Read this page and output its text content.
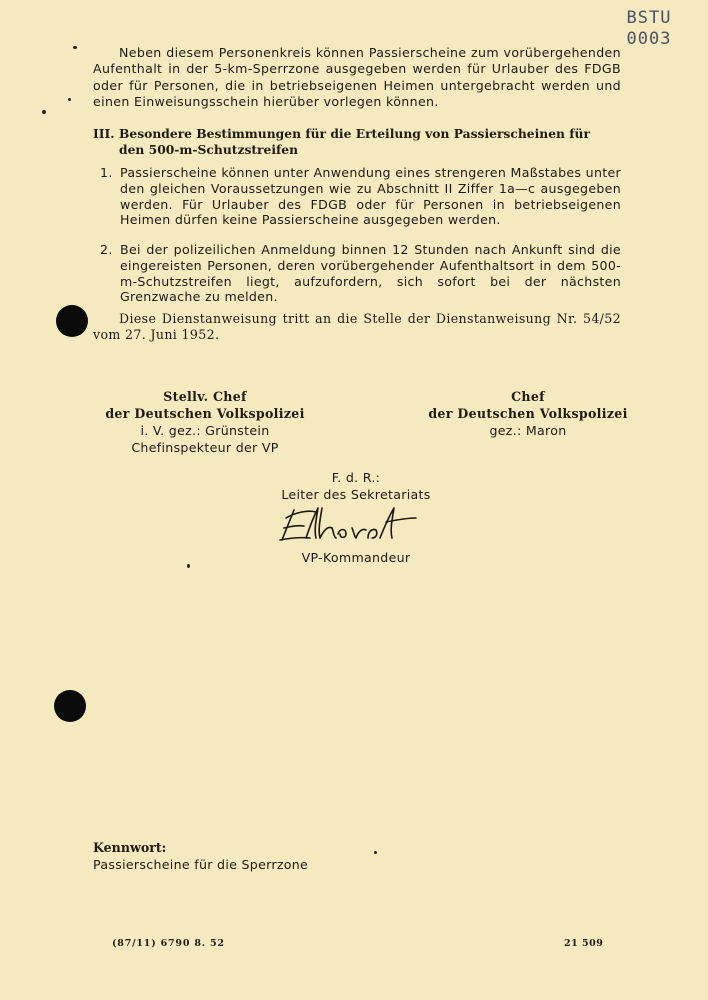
BSTU
0003

Neben diesem Personenkreis können Passierscheine zum vorübergehenden Aufenthalt in der 5-km-Sperrzone ausgegeben werden für Urlauber des FDGB oder für Personen, die in betriebseigenen Heimen untergebracht werden und einen Einweisungsschein hierüber vorlegen können.

III. Besondere Bestimmungen für die Erteilung von Passierscheinen für
den 500-m-Schutzstreifen
1. Passierscheine können unter Anwendung eines strengeren Maßstabes unter den gleichen Voraussetzungen wie zu Abschnitt II Ziffer 1a—c ausgegeben werden. Für Urlauber des FDGB oder für Personen in betriebseigenen Heimen dürfen keine Passierscheine ausgegeben werden.
2. Bei der polizeilichen Anmeldung binnen 12 Stunden nach Ankunft sind die eingereisten Personen, deren vorübergehender Aufenthaltsort in dem 500-m-Schutzstreifen liegt, aufzufordern, sich sofort bei der nächsten Grenzwache zu melden.

Diese Dienstanweisung tritt an die Stelle der Dienstanweisung Nr. 54/52 vom 27. Juni 1952.

Stellv. Chef
der Deutschen Volkspolizei
i. V. gez.: Grünstein
Chefinspekteur der VP
Chef
der Deutschen Volkspolizei
gez.: Maron
F. d. R.:
Leiter des Sekretariats
VP-Kommandeur
Kennwort:
Passierscheine für die Sperrzone
(87/11) 6790 8. 52	21 509
